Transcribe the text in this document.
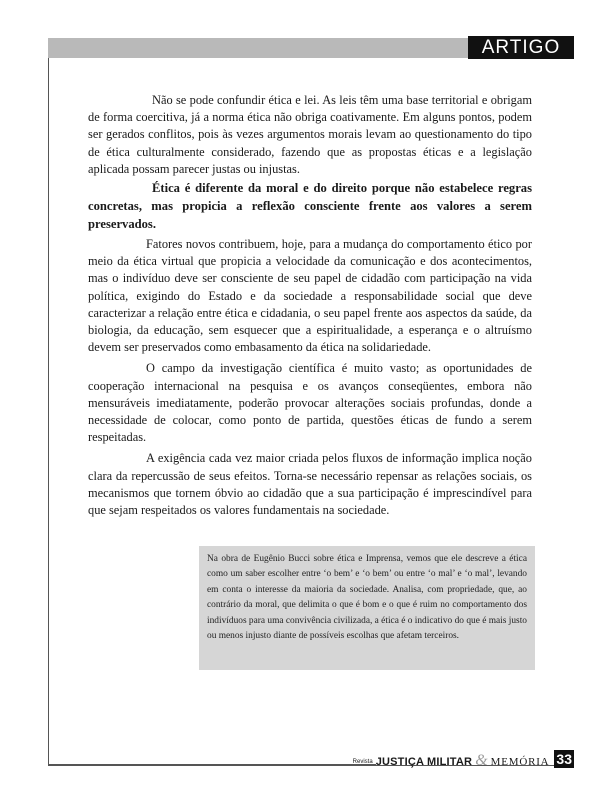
ARTIGO

Não se pode confundir ética e lei. As leis têm uma base territorial e obrigam de forma coercitiva, já a norma ética não obriga coativamente. Em alguns pontos, podem ser gerados conflitos, pois às vezes argumentos morais levam ao questionamento do tipo de ética culturalmente considerado, fazendo que as propostas éticas e a legislação aplicada possam parecer justas ou injustas.

Ética é diferente da moral e do direito porque não estabelece regras concretas, mas propicia a reflexão consciente frente aos valores a serem preservados.

Fatores novos contribuem, hoje, para a mudança do comportamento ético por meio da ética virtual que propicia a velocidade da comunicação e dos acontecimentos, mas o indivíduo deve ser consciente de seu papel de cidadão com participação na vida política, exigindo do Estado e da sociedade a responsabilidade social que deve caracterizar a relação entre ética e cidadania, o seu papel frente aos aspectos da saúde, da biologia, da educação, sem esquecer que a espiritualidade, a esperança e o altruísmo devem ser preservados como embasamento da ética na solidariedade.

O campo da investigação científica é muito vasto; as oportunidades de cooperação internacional na pesquisa e os avanços conseqüentes, embora não mensuráveis imediatamente, poderão provocar alterações sociais profundas, donde a necessidade de colocar, como ponto de partida, questões éticas de fundo a serem respeitadas.

A exigência cada vez maior criada pelos fluxos de informação implica noção clara da repercussão de seus efeitos. Torna-se necessário repensar as relações sociais, os mecanismos que tornem óbvio ao cidadão que a sua participação é imprescindível para que sejam respeitados os valores fundamentais na sociedade.

Na obra de Eugênio Bucci sobre ética e Imprensa, vemos que ele descreve a ética como um saber escolher entre ‘o bem’ e ‘o bem’ ou entre ‘o mal’ e ‘o mal’, levando em conta o interesse da maioria da sociedade. Analisa, com propriedade, que, ao contrário da moral, que delimita o que é bom e o que é ruim no comportamento dos indivíduos para uma convivência civilizada, a ética é o indicativo do que é mais justo ou menos injusto diante de possíveis escolhas que afetam terceiros.
Revista JUSTIÇA MILITAR & MEMÓRIA 33
